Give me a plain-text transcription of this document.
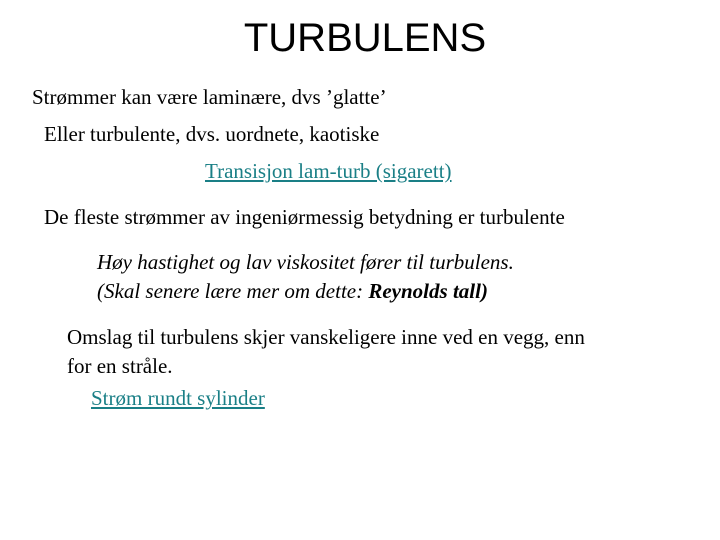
TURBULENS

Strømmer kan være laminære, dvs ’glatte’

Eller turbulente, dvs. uordnete, kaotiske

Transisjon lam-turb (sigarett)

De fleste strømmer av ingeniørmessig betydning er turbulente

Høy hastighet og lav viskositet fører til turbulens.

(Skal senere lære mer om dette: Reynolds tall)

Omslag til turbulens skjer vanskeligere inne ved en vegg, enn

for en stråle.

Strøm rundt sylinder
